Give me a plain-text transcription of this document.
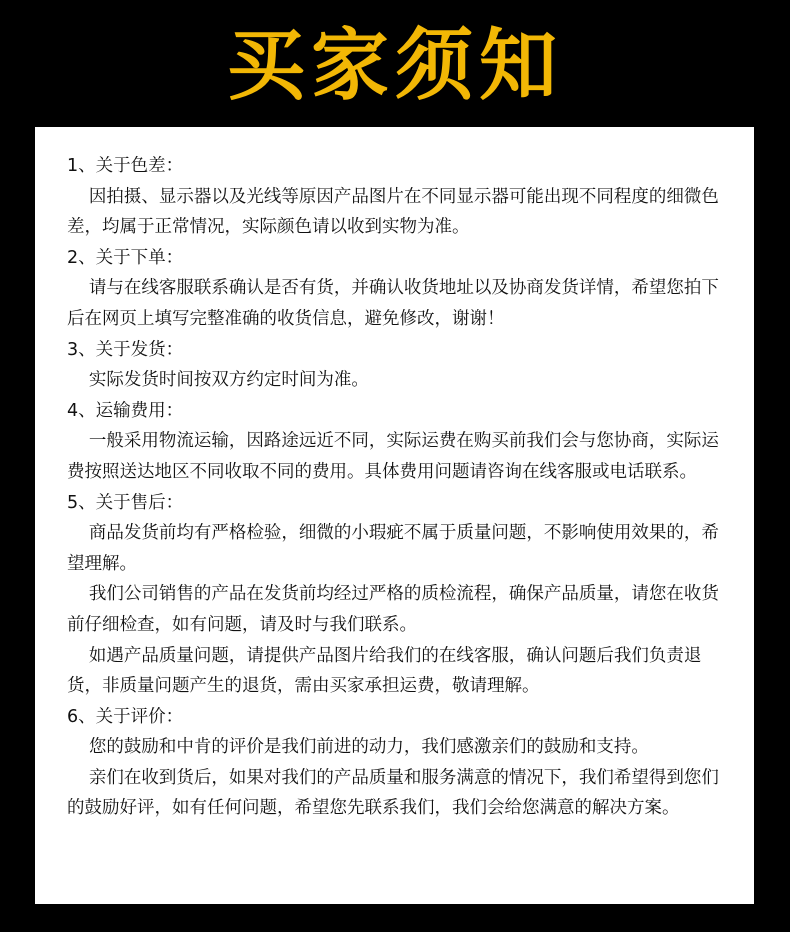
买家须知

1、关于色差：

因拍摄、显示器以及光线等原因产品图片在不同显示器可能出现不同程度的细微色差，均属于正常情况，实际颜色请以收到实物为准。

2、关于下单：

请与在线客服联系确认是否有货，并确认收货地址以及协商发货详情，希望您拍下后在网页上填写完整准确的收货信息，避免修改，谢谢！

3、关于发货：

实际发货时间按双方约定时间为准。

4、运输费用：

一般采用物流运输，因路途远近不同，实际运费在购买前我们会与您协商，实际运费按照送达地区不同收取不同的费用。具体费用问题请咨询在线客服或电话联系。

5、关于售后：

商品发货前均有严格检验，细微的小瑕疵不属于质量问题，不影响使用效果的，希望理解。

我们公司销售的产品在发货前均经过严格的质检流程，确保产品质量，请您在收货前仔细检查，如有问题，请及时与我们联系。

如遇产品质量问题，请提供产品图片给我们的在线客服，确认问题后我们负责退货，非质量问题产生的退货，需由买家承担运费，敬请理解。

6、关于评价：

您的鼓励和中肯的评价是我们前进的动力，我们感激亲们的鼓励和支持。

亲们在收到货后，如果对我们的产品质量和服务满意的情况下，我们希望得到您们的鼓励好评，如有任何问题，希望您先联系我们，我们会给您满意的解决方案。
